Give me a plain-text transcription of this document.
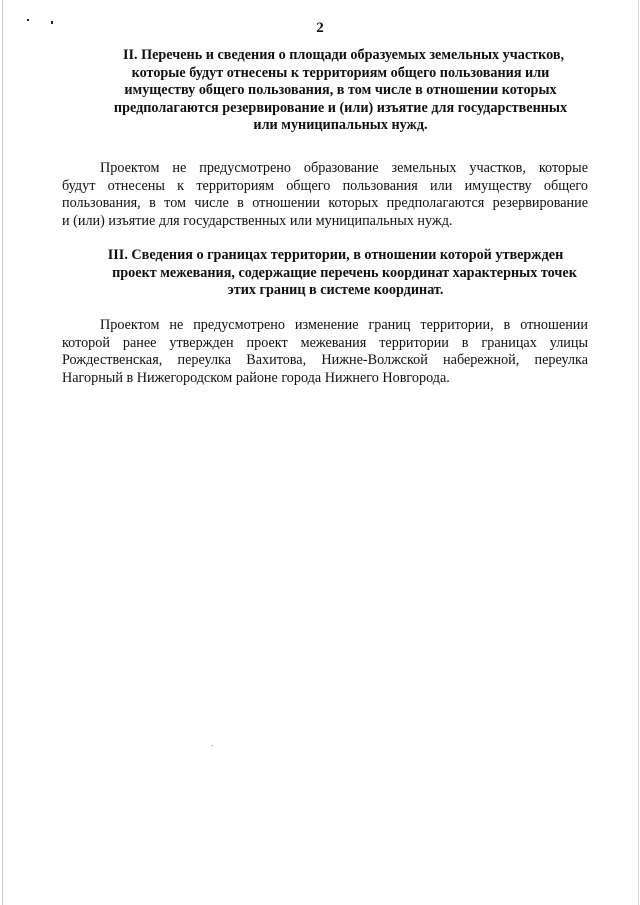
2
II. Перечень и сведения о площади образуемых земельных участков,
которые будут отнесены к территориям общего пользования или
имуществу общего пользования, в том числе в отношении которых
предполагаются резервирование и (или) изъятие для государственных
или муниципальных нужд.
Проектом не предусмотрено образование земельных участков, которые
будут отнесены к территориям общего пользования или имуществу общего
пользования, в том числе в отношении которых предполагаются резервирование
и (или) изъятие для государственных или муниципальных нужд.
III. Сведения о границах территории, в отношении которой утвержден
проект межевания, содержащие перечень координат характерных точек
этих границ в системе координат.
Проектом не предусмотрено изменение границ территории, в отношении
которой ранее утвержден проект межевания территории в границах улицы
Рождественская, переулка Вахитова, Нижне-Волжской набережной, переулка
Нагорный в Нижегородском районе города Нижнего Новгорода.
